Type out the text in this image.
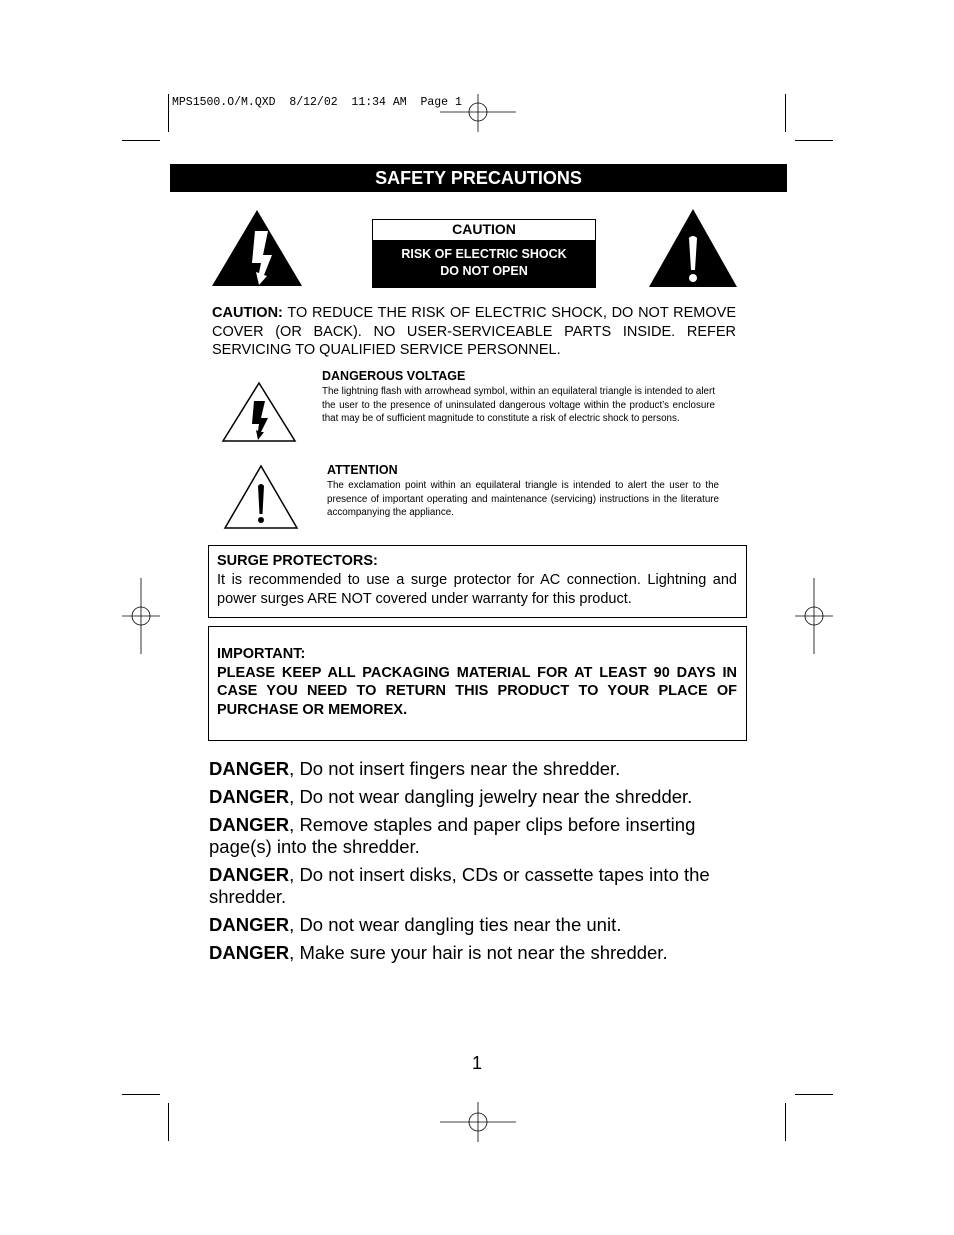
MPS1500.O/M.QXD  8/12/02  11:34 AM  Page 1
SAFETY PRECAUTIONS
CAUTION
RISK OF ELECTRIC SHOCK
DO NOT OPEN
CAUTION: TO REDUCE THE RISK OF ELECTRIC SHOCK, DO NOT REMOVE COVER (OR BACK). NO USER-SERVICEABLE PARTS INSIDE. REFER SERVICING TO QUALIFIED SERVICE PERSONNEL.
DANGEROUS VOLTAGE
The lightning flash with arrowhead symbol, within an equilateral triangle is intended to alert the user to the presence of uninsulated dangerous voltage within the product’s enclosure that may be of sufficient magnitude to constitute a risk of electric shock to persons.
ATTENTION
The exclamation point within an equilateral triangle is intended to alert the user to the presence of important operating and maintenance (servicing) instructions in the literature accompanying the appliance.
SURGE PROTECTORS:
It is recommended to use a surge protector for AC connection. Lightning and power surges ARE NOT covered under warranty for this product.
IMPORTANT:
PLEASE KEEP ALL PACKAGING MATERIAL FOR AT LEAST 90 DAYS IN CASE YOU NEED TO RETURN THIS PRODUCT TO YOUR PLACE OF PURCHASE OR MEMOREX.

DANGER, Do not insert fingers near the shredder.

DANGER, Do not wear dangling jewelry near the shredder.

DANGER, Remove staples and paper clips before inserting page(s) into the shredder.

DANGER, Do not insert disks, CDs or cassette tapes into the shredder.

DANGER, Do not wear dangling ties near the unit.

DANGER, Make sure your hair is not near the shredder.

1
